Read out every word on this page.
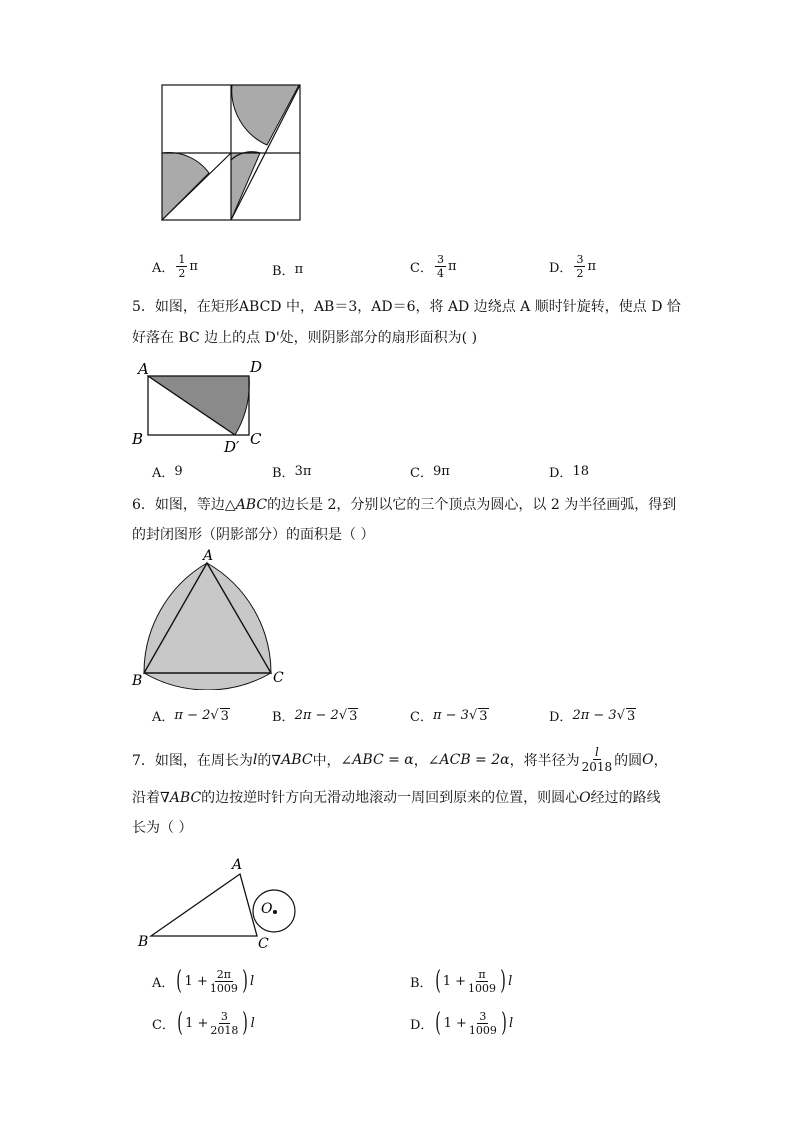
A． $\frac{1}{2}$ π	B． π	C． $\frac{3}{4}$ π	D． $\frac{3}{2}$ π
5．如图，在矩形ABCD 中，AB＝3，AD＝6，将 AD 边绕点 A 顺时针旋转，使点 D 恰
好落在 BC 边上的点 D'处，则阴影部分的扇形面积为( )
A	D
B	D′ C
A． 9	B． 3π	C． 9π	D． 18
6．如图，等边△ABC的边长是 2，分别以它的三个顶点为圆心，以 2 为半径画弧，得到
的封闭图形（阴影部分）的面积是（ ）
A
B	C
A． π − 2 √ 3	B． 2π − 2 √ 3	C． π − 3 √ 3	D． 2π − 3 √ 3
7．如图，在周长为 l 的∇ ABC 中，∠ ABC = α ，∠ ACB = 2α ，将半径为 $\frac{l}{2018}$ 的圆 O ，
沿着∇ABC的边按逆时针方向无滑动地滚动一周回到原来的位置，则圆心O经过的路线
长为（ ）
A
B	C
O
A． ( $1 + \frac{2\pi}{1009}$ ) l	B． ( $1 + \frac{\pi}{1009}$ ) l
C． ( $1 + \frac{3}{2018}$ ) l	D． ( $1 + \frac{3}{1009}$ ) l
